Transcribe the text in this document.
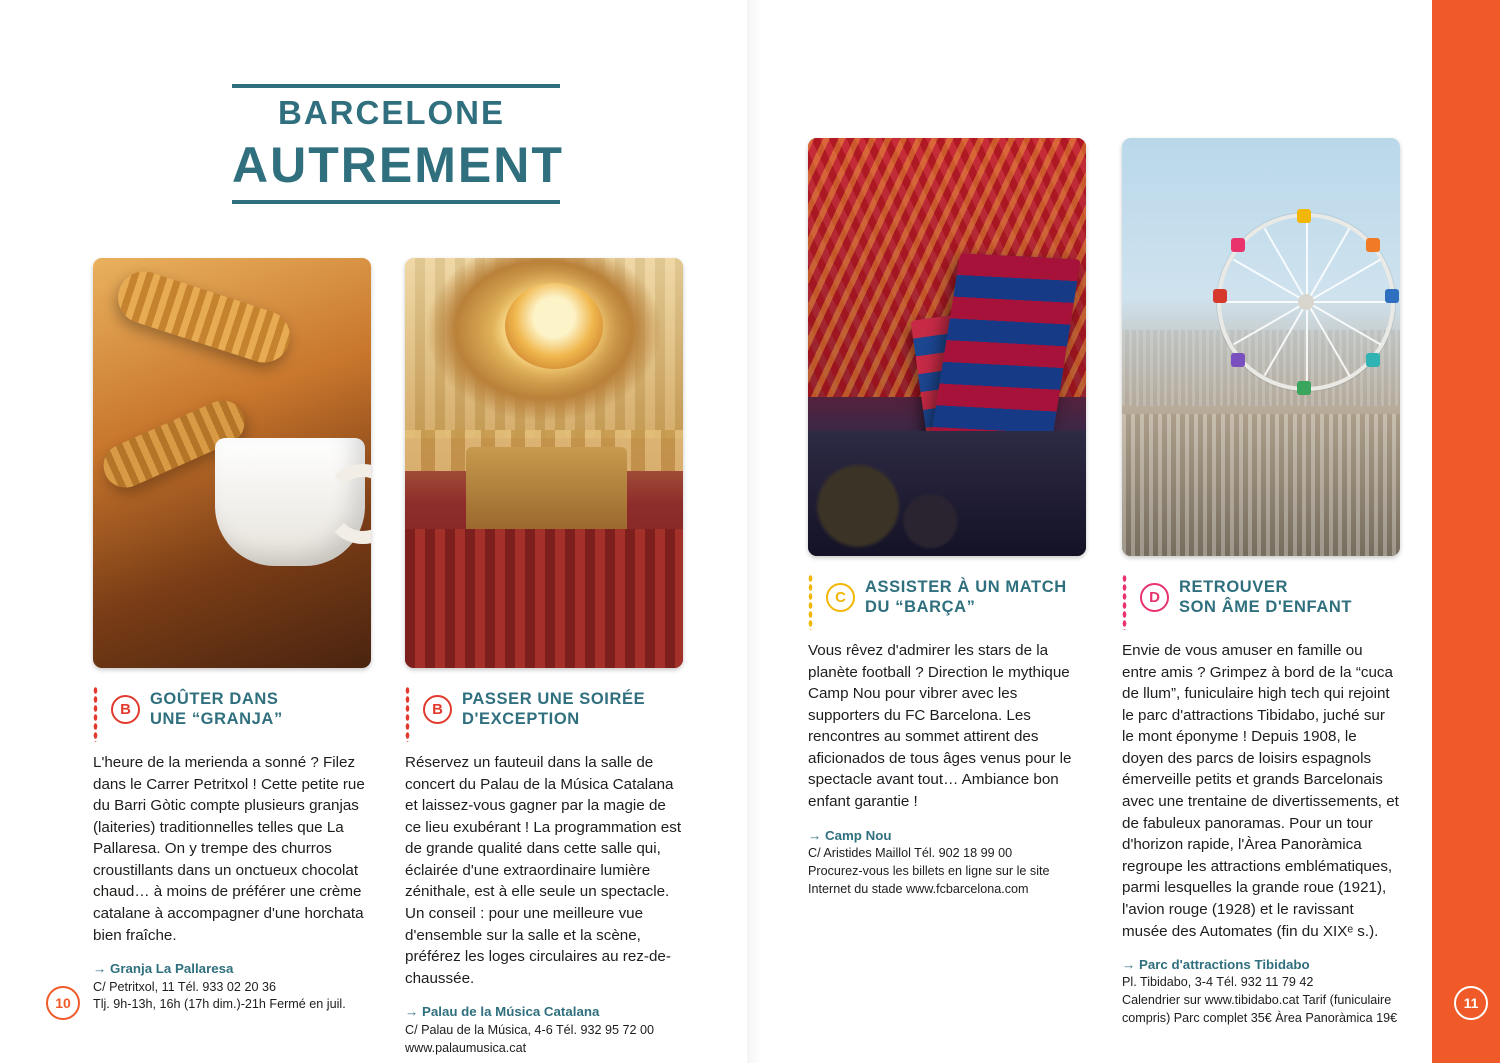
BARCELONE
AUTREMENT
B
GOÛTER DANS
UNE “GRANJA”
L'heure de la merienda a sonné ? Filez dans le Carrer Petritxol ! Cette petite rue du Barri Gòtic compte plusieurs granjas (laiteries) traditionnelles telles que La Pallaresa. On y trempe des churros croustillants dans un onctueux chocolat chaud… à moins de préférer une crème catalane à accompagner d'une horchata bien fraîche.
→ Granja La Pallaresa
C/ Petritxol, 11 Tél. 933 02 20 36
Tlj. 9h-13h, 16h (17h dim.)-21h Fermé en juil.
B
PASSER UNE SOIRÉE
D'EXCEPTION
Réservez un fauteuil dans la salle de concert du Palau de la Música Catalana et laissez-vous gagner par la magie de ce lieu exubérant ! La programmation est de grande qualité dans cette salle qui, éclairée d'une extraordinaire lumière zénithale, est à elle seule un spectacle. Un conseil : pour une meilleure vue d'ensemble sur la salle et la scène, préférez les loges circulaires au rez-de-chaussée.
→ Palau de la Música Catalana
C/ Palau de la Música, 4-6 Tél. 932 95 72 00
www.palaumusica.cat
C
ASSISTER À UN MATCH
DU “BARÇA”
Vous rêvez d'admirer les stars de la planète football ? Direction le mythique Camp Nou pour vibrer avec les supporters du FC Barcelona. Les rencontres au sommet attirent des aficionados de tous âges venus pour le spectacle avant tout… Ambiance bon enfant garantie !
→ Camp Nou
C/ Aristides Maillol Tél. 902 18 99 00
Procurez-vous les billets en ligne sur le site Internet du stade www.fcbarcelona.com
D
RETROUVER
SON ÂME D'ENFANT
Envie de vous amuser en famille ou entre amis ? Grimpez à bord de la “cuca de llum”, funiculaire high tech qui rejoint le parc d'attractions Tibidabo, juché sur le mont éponyme ! Depuis 1908, le doyen des parcs de loisirs espagnols émerveille petits et grands Barcelonais avec une trentaine de divertissements, et de fabuleux panoramas. Pour un tour d'horizon rapide, l'Àrea Panoràmica regroupe les attractions emblématiques, parmi lesquelles la grande roue (1921), l'avion rouge (1928) et le ravissant musée des Automates (fin du XIXᵉ s.).
→ Parc d'attractions Tibidabo
Pl. Tibidabo, 3-4 Tél. 932 11 79 42
Calendrier sur www.tibidabo.cat Tarif (funiculaire compris) Parc complet 35€ Àrea Panoràmica 19€
10	11
